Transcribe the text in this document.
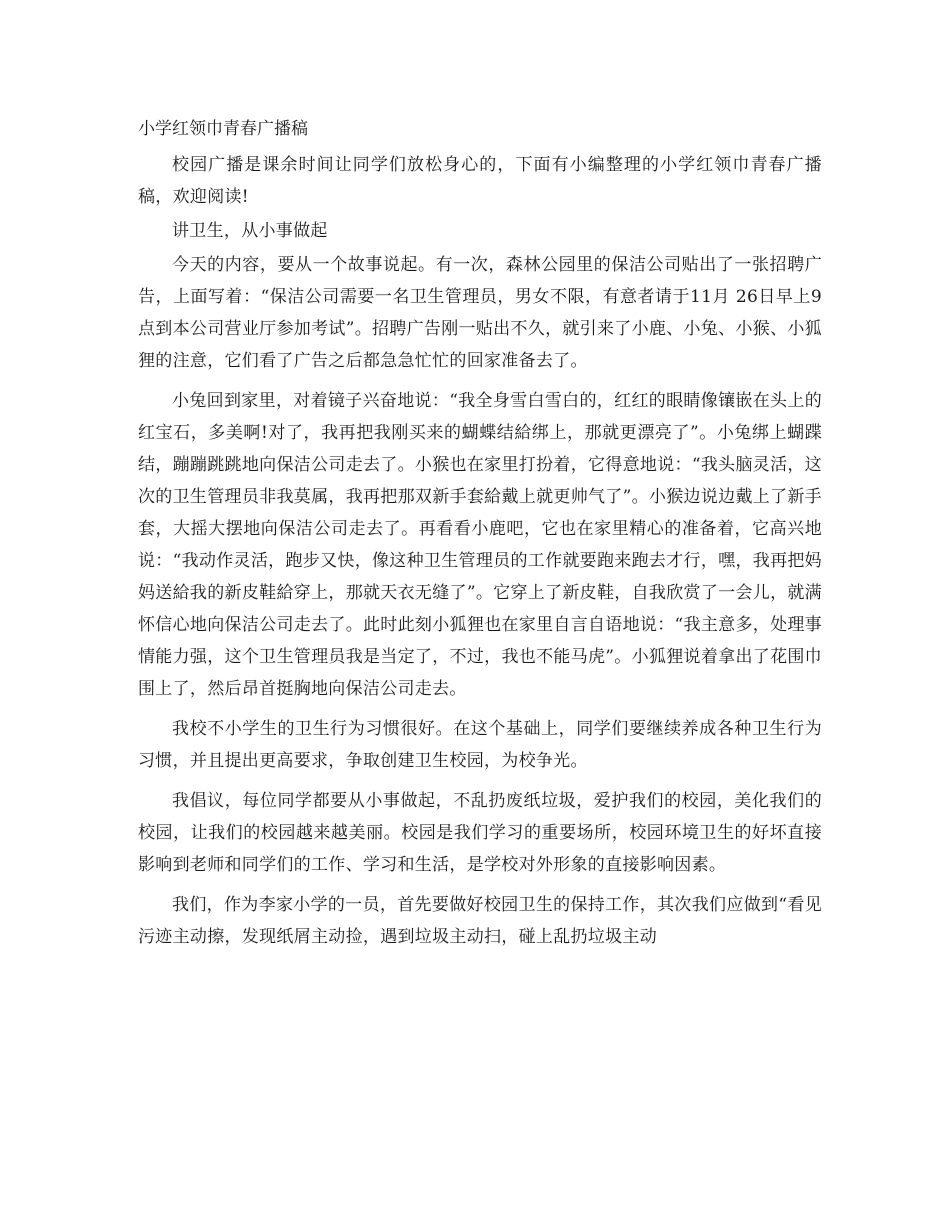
小学红领巾青春广播稿

校园广播是课余时间让同学们放松身心的，下面有小编整理的小学红领巾青春广播稿，欢迎阅读!

讲卫生，从小事做起

今天的内容，要从一个故事说起。有一次，森林公园里的保洁公司贴出了一张招聘广告，上面写着：“保洁公司需要一名卫生管理员，男女不限，有意者请于11月 26日早上9点到本公司营业厅参加考试”。招聘广告刚一贴出不久，就引来了小鹿、小兔、小猴、小狐狸的注意，它们看了广告之后都急急忙忙的回家准备去了。

小兔回到家里，对着镜子兴奋地说：“我全身雪白雪白的，红红的眼睛像镶嵌在头上的红宝石，多美啊!对了，我再把我刚买来的蝴蝶结給绑上，那就更漂亮了”。小兔绑上蝴蹀结，蹦蹦跳跳地向保洁公司走去了。小猴也在家里打扮着，它得意地说：“我头脑灵活，这次的卫生管理员非我莫属，我再把那双新手套給戴上就更帅气了”。小猴边说边戴上了新手套，大摇大摆地向保洁公司走去了。再看看小鹿吧，它也在家里精心的准备着，它高兴地说：“我动作灵活，跑步又快，像这种卫生管理员的工作就要跑来跑去才行，嘿，我再把妈妈送給我的新皮鞋給穿上，那就天衣无缝了”。它穿上了新皮鞋，自我欣赏了一会儿，就满怀信心地向保洁公司走去了。此时此刻小狐狸也在家里自言自语地说：“我主意多，处理事情能力强，这个卫生管理员我是当定了，不过，我也不能马虎”。小狐狸说着拿出了花围巾围上了，然后昂首挺胸地向保洁公司走去。

我校不小学生的卫生行为习惯很好。在这个基础上，同学们要继续养成各种卫生行为习惯，并且提出更高要求，争取创建卫生校园，为校争光。

我倡议，每位同学都要从小事做起，不乱扔废纸垃圾，爱护我们的校园，美化我们的校园，让我们的校园越来越美丽。校园是我们学习的重要场所，校园环境卫生的好坏直接影响到老师和同学们的工作、学习和生活，是学校对外形象的直接影响因素。

我们，作为李家小学的一员，首先要做好校园卫生的保持工作，其次我们应做到“看见污迹主动擦，发现纸屑主动捡，遇到垃圾主动扫，碰上乱扔垃圾主动
